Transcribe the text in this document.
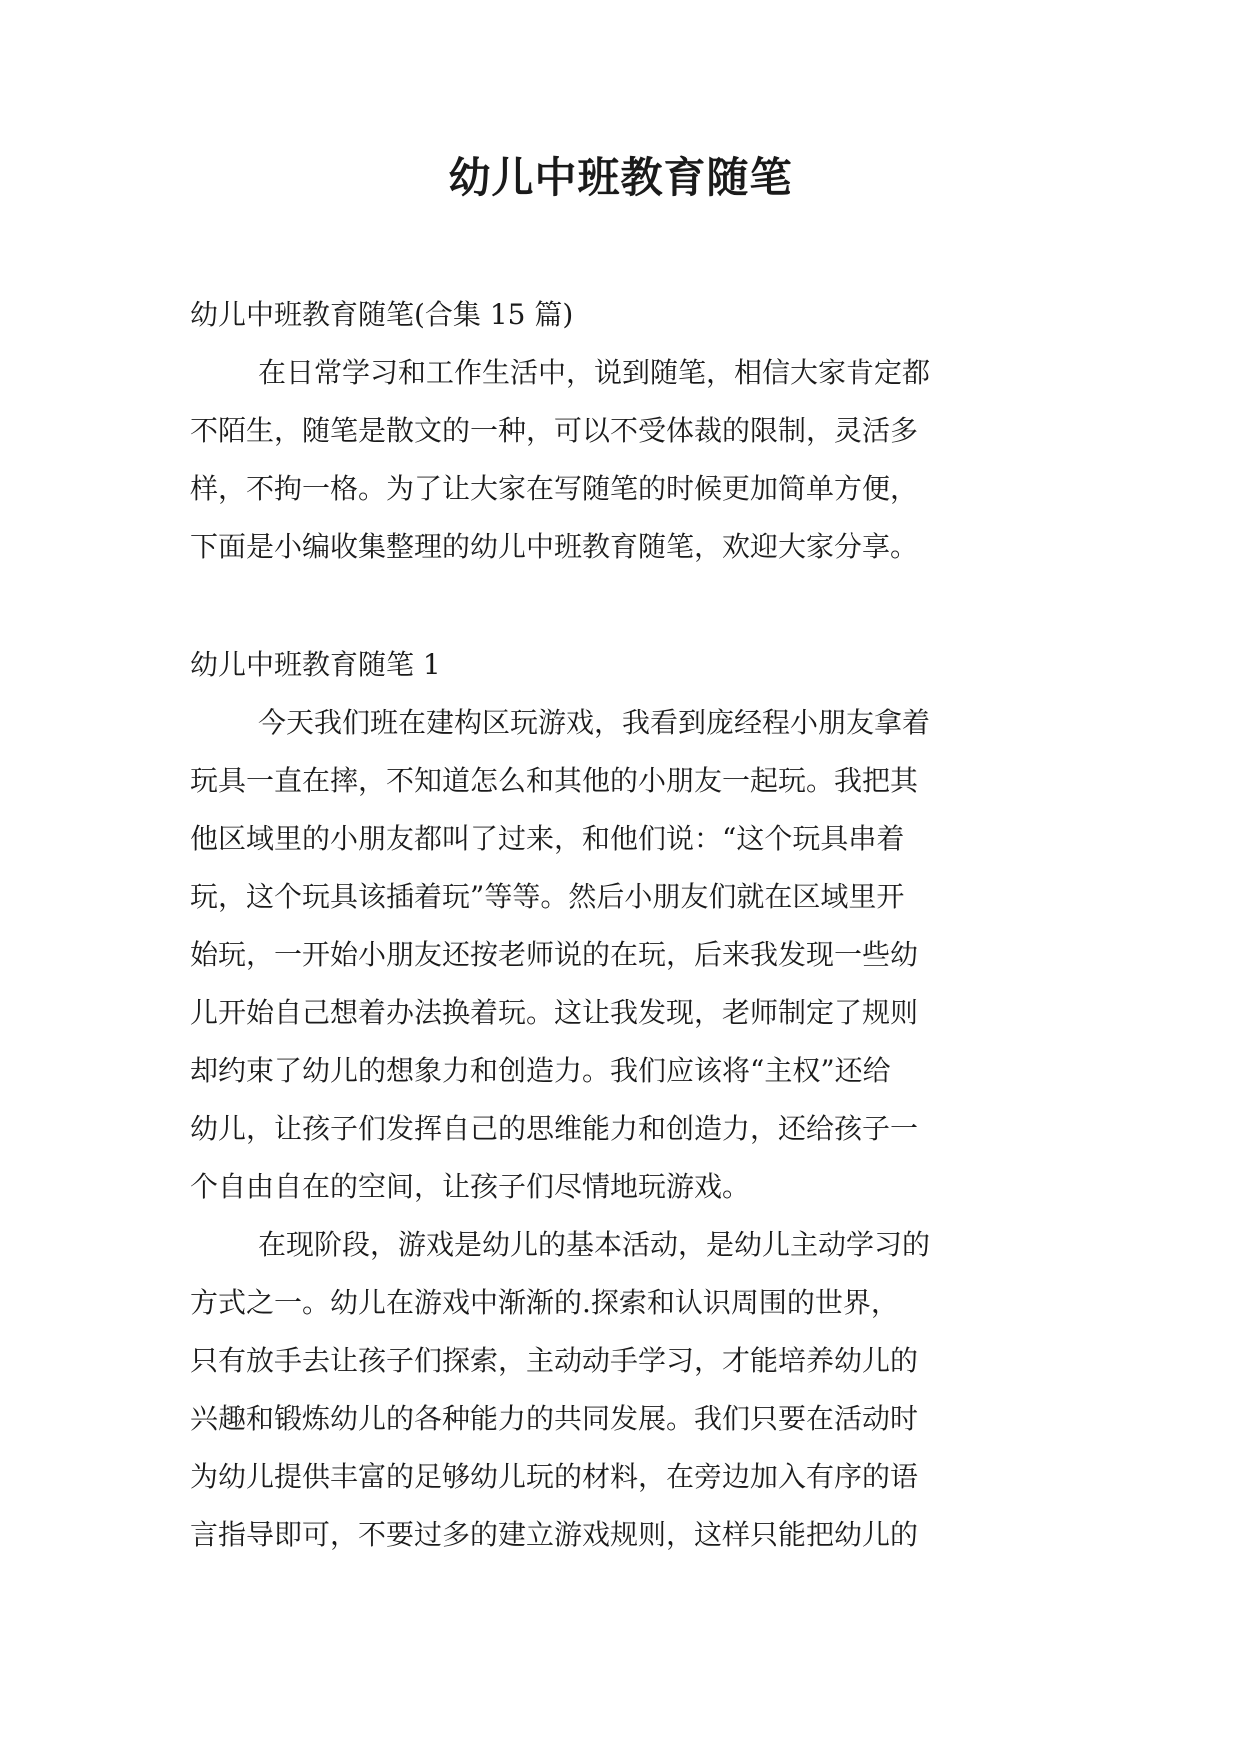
幼儿中班教育随笔

幼儿中班教育随笔(合集 15 篇)

在日常学习和工作生活中，说到随笔，相信大家肯定都
不陌生，随笔是散文的一种，可以不受体裁的限制，灵活多
样，不拘一格。为了让大家在写随笔的时候更加简单方便，
下面是小编收集整理的幼儿中班教育随笔，欢迎大家分享。

幼儿中班教育随笔 1

今天我们班在建构区玩游戏，我看到庞经程小朋友拿着
玩具一直在摔，不知道怎么和其他的小朋友一起玩。我把其
他区域里的小朋友都叫了过来，和他们说：“这个玩具串着
玩，这个玩具该插着玩”等等。然后小朋友们就在区域里开
始玩，一开始小朋友还按老师说的在玩，后来我发现一些幼
儿开始自己想着办法换着玩。这让我发现，老师制定了规则
却约束了幼儿的想象力和创造力。我们应该将“主权”还给
幼儿，让孩子们发挥自己的思维能力和创造力，还给孩子一
个自由自在的空间，让孩子们尽情地玩游戏。

在现阶段，游戏是幼儿的基本活动，是幼儿主动学习的
方式之一。幼儿在游戏中渐渐的.探索和认识周围的世界，
只有放手去让孩子们探索，主动动手学习，才能培养幼儿的
兴趣和锻炼幼儿的各种能力的共同发展。我们只要在活动时
为幼儿提供丰富的足够幼儿玩的材料，在旁边加入有序的语
言指导即可，不要过多的建立游戏规则，这样只能把幼儿的
